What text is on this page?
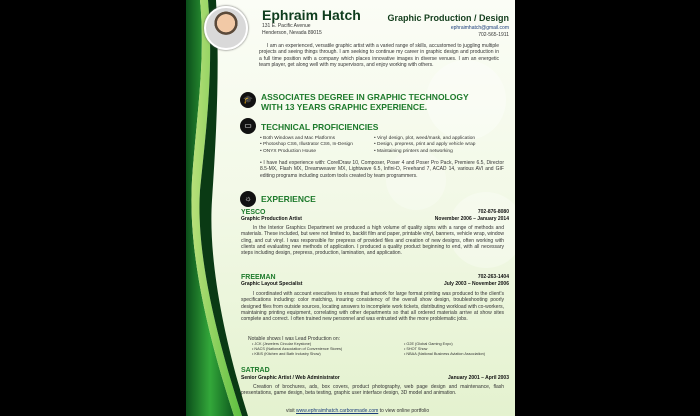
Ephraim Hatch
131 E. Pacific Avenue
Henderson, Nevada 89015
Graphic Production / Design
ephraimhatch@gmail.com
702-565-1911
I am an experienced, versatile graphic artist with a varied range of skills, accustomed to juggling multiple projects and seeing things through. I am seeking to continue my career in graphic design and production in a full time position with a company which places innovative images in diverse venues. I am an energetic team player, get along well with my supervisors, and enjoy working with others.
🎓 ASSOCIATES DEGREE IN GRAPHIC TECHNOLOGY
WITH 13 YEARS GRAPHIC EXPERIENCE.
▭ TECHNICAL PROFICIENCIES
• Both Windows and Mac Platforms
• Photoshop CS6, Illustrator CS6, In-Design
• ONYX Production House
• Vinyl design, plot, weed/mask, and application
• Design, prepress, print and apply vehicle wrap
• Maintaining printers and networking
• I have had experience with: CorelDraw 10, Composer, Poser 4 and Poser Pro Pack, Premiere 6.5, Director 8.5-MX, Flash MX, Dreamweaver MX, Lightwave 6.5, Infini-D, Freehand 7, ACAD 14, various AVI and GIF editing programs including custom tools created by team programmers.
☼ EXPERIENCE
YESCO	702-876-8080
Graphic Production Artist	November 2006 – January 2014
In the Interior Graphics Department we produced a high volume of quality signs with a range of methods and materials. These included, but were not limited to, backlit film and paper, printable vinyl, banners, vehicle wrap, window cling, and cut vinyl. I was responsible for prepress of provided files and creation of new designs, often working with clients and evaluating new methods of application. I produced a quality product beginning to end, with all necessary steps including design, prepress, production, lamination, and application.
FREEMAN	702-263-1404
Graphic Layout Specialist	July 2003 – November 2006
I coordinated with account executives to ensure that artwork for large format printing was produced to the client's specifications including: color matching, insuring consistency of the overall show design, troubleshooting poorly designed files from outside sources, locating answers to incomplete work tickets, distributing workload with co-workers, maintaining printing equipment, correlating with other departments so that all ordered materials arrive at show sites complete and correct. I often trained new personnel and was entrusted with the more problematic jobs.
Notable shows I was Lead Production on:
• JCK (Jewelers Circular Keystone)
• NACS (National Association of Convenience Stores)
• KBIS (Kitchen and Bath Industry Show)
• G2E (Global Gaming Expo)
• SHOT Show
• NBAA (National Business Aviation Association)
SATRAD
Senior Graphic Artist / Web Administrator	January 2001 – April 2003
Creation of brochures, ads, box covers, product photography, web page design and maintenance, flash presentations, game design, beta testing, graphic user interface design, 3D model and animation.
visit www.ephraimhatch.carbonmade.com to view online portfolio
